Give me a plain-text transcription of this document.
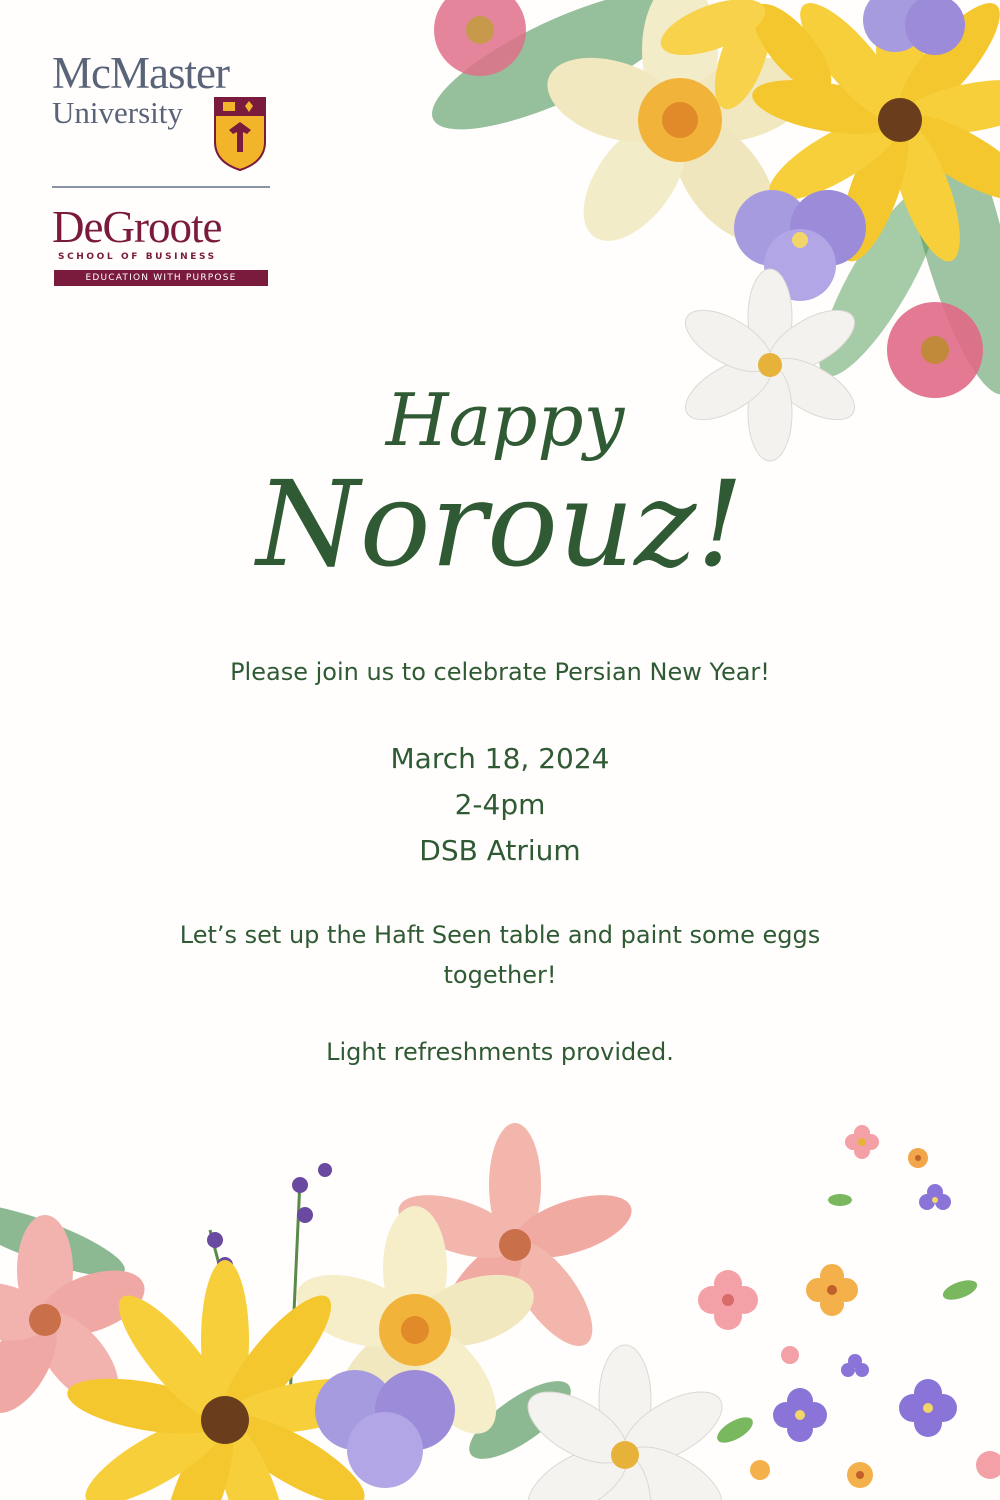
McMaster
University
DeGroote
SCHOOL OF BUSINESS
EDUCATION WITH PURPOSE
Happy
Norouz!
Please join us to celebrate Persian New Year!
March 18, 2024
2-4pm
DSB Atrium
Let’s set up the Haft Seen table and paint some eggs together!
Light refreshments provided.
